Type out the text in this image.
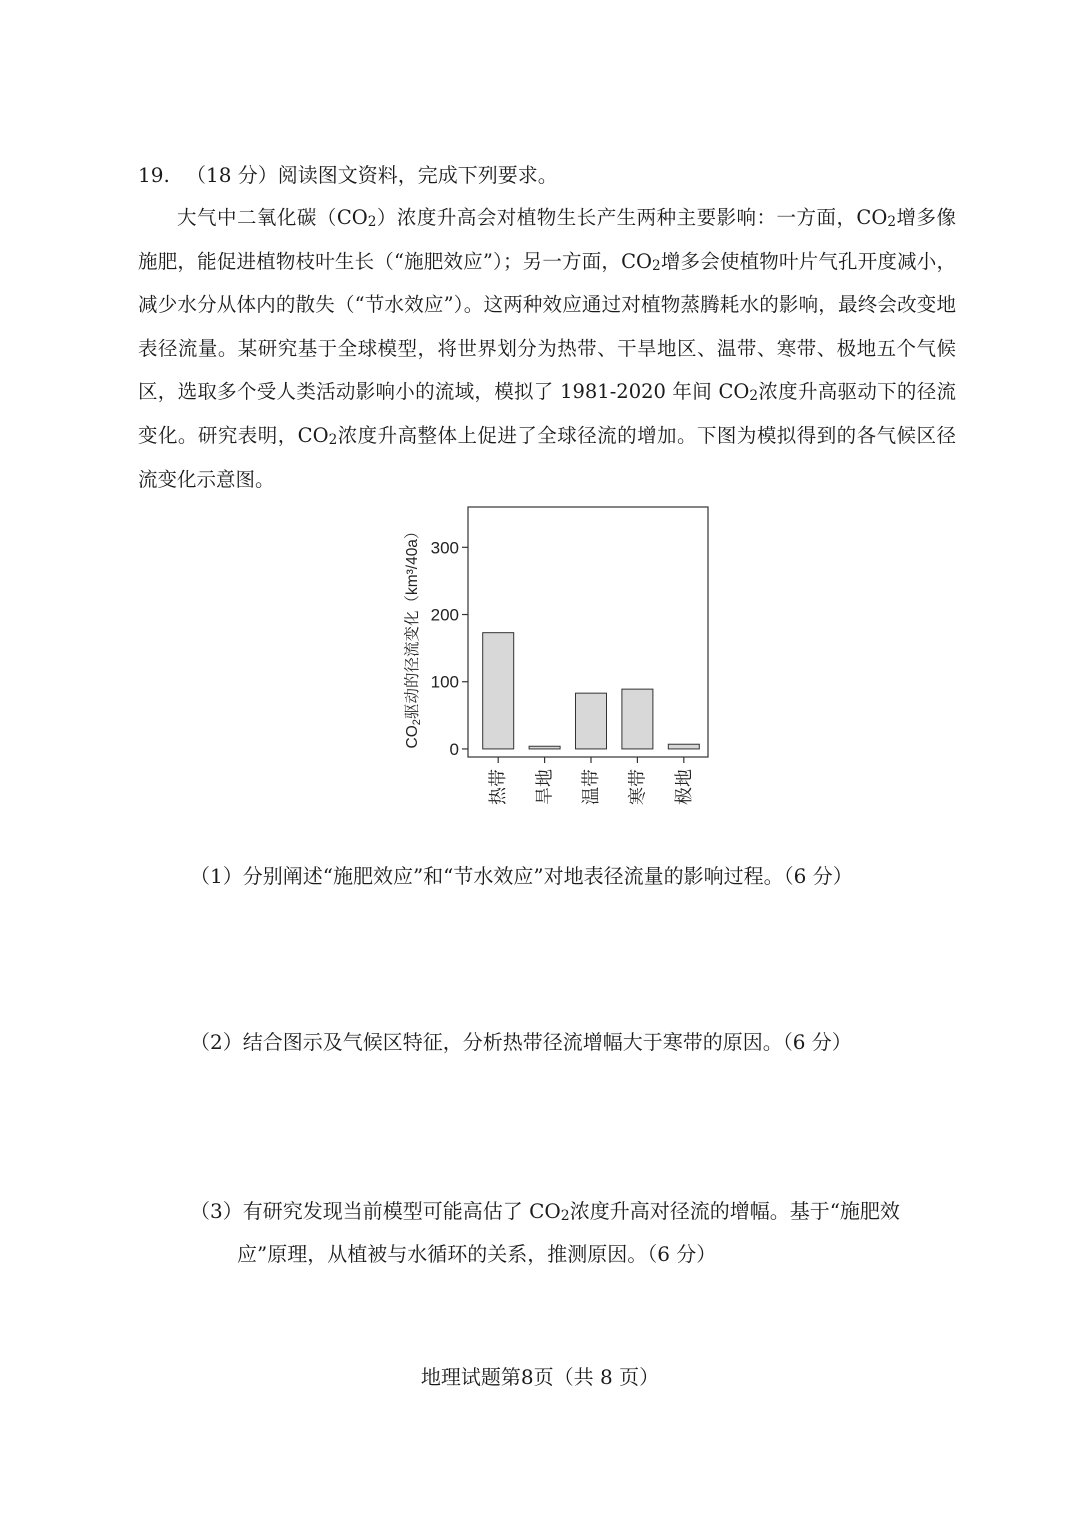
19. （18 分）阅读图文资料，完成下列要求。

大气中二氧化碳$(CO_2)$浓度升高会对植物生长产生两种主要影响：一方面，$CO_2$增多像施肥，能促进植物枝叶生长（“施肥效应”）；另一方面，$CO_2$增多会使植物叶片气孔开度减小，减少水分从体内的散失（“节水效应”）。这两种效应通过对植物蒸腾耗水的影响，最终会改变地表径流量。某研究基于全球模型，将世界划分为热带、干旱地区、温带、寒带、极地五个气候区，选取多个受人类活动影响小的流域，模拟了 1981-2020 年间 $CO_2$浓度升高驱动下的径流变化。研究表明，$CO_2$浓度升高整体上促进了全球径流的增加。下图为模拟得到的各气候区径流变化示意图。

0
100
200
300
热带 旱地 温带 寒带 极地
CO2驱动的径流变化（km³/40a）
（1）分别阐述“施肥效应”和“节水效应”对地表径流量的影响过程。（6 分）
（2）结合图示及气候区特征，分析热带径流增幅大于寒带的原因。（6 分）
（3）有研究发现当前模型可能高估了 $CO_2$浓度升高对径流的增幅。基于“施肥效
应”原理，从植被与水循环的关系，推测原因。（6 分）
地理试题第8页（共 8 页）
